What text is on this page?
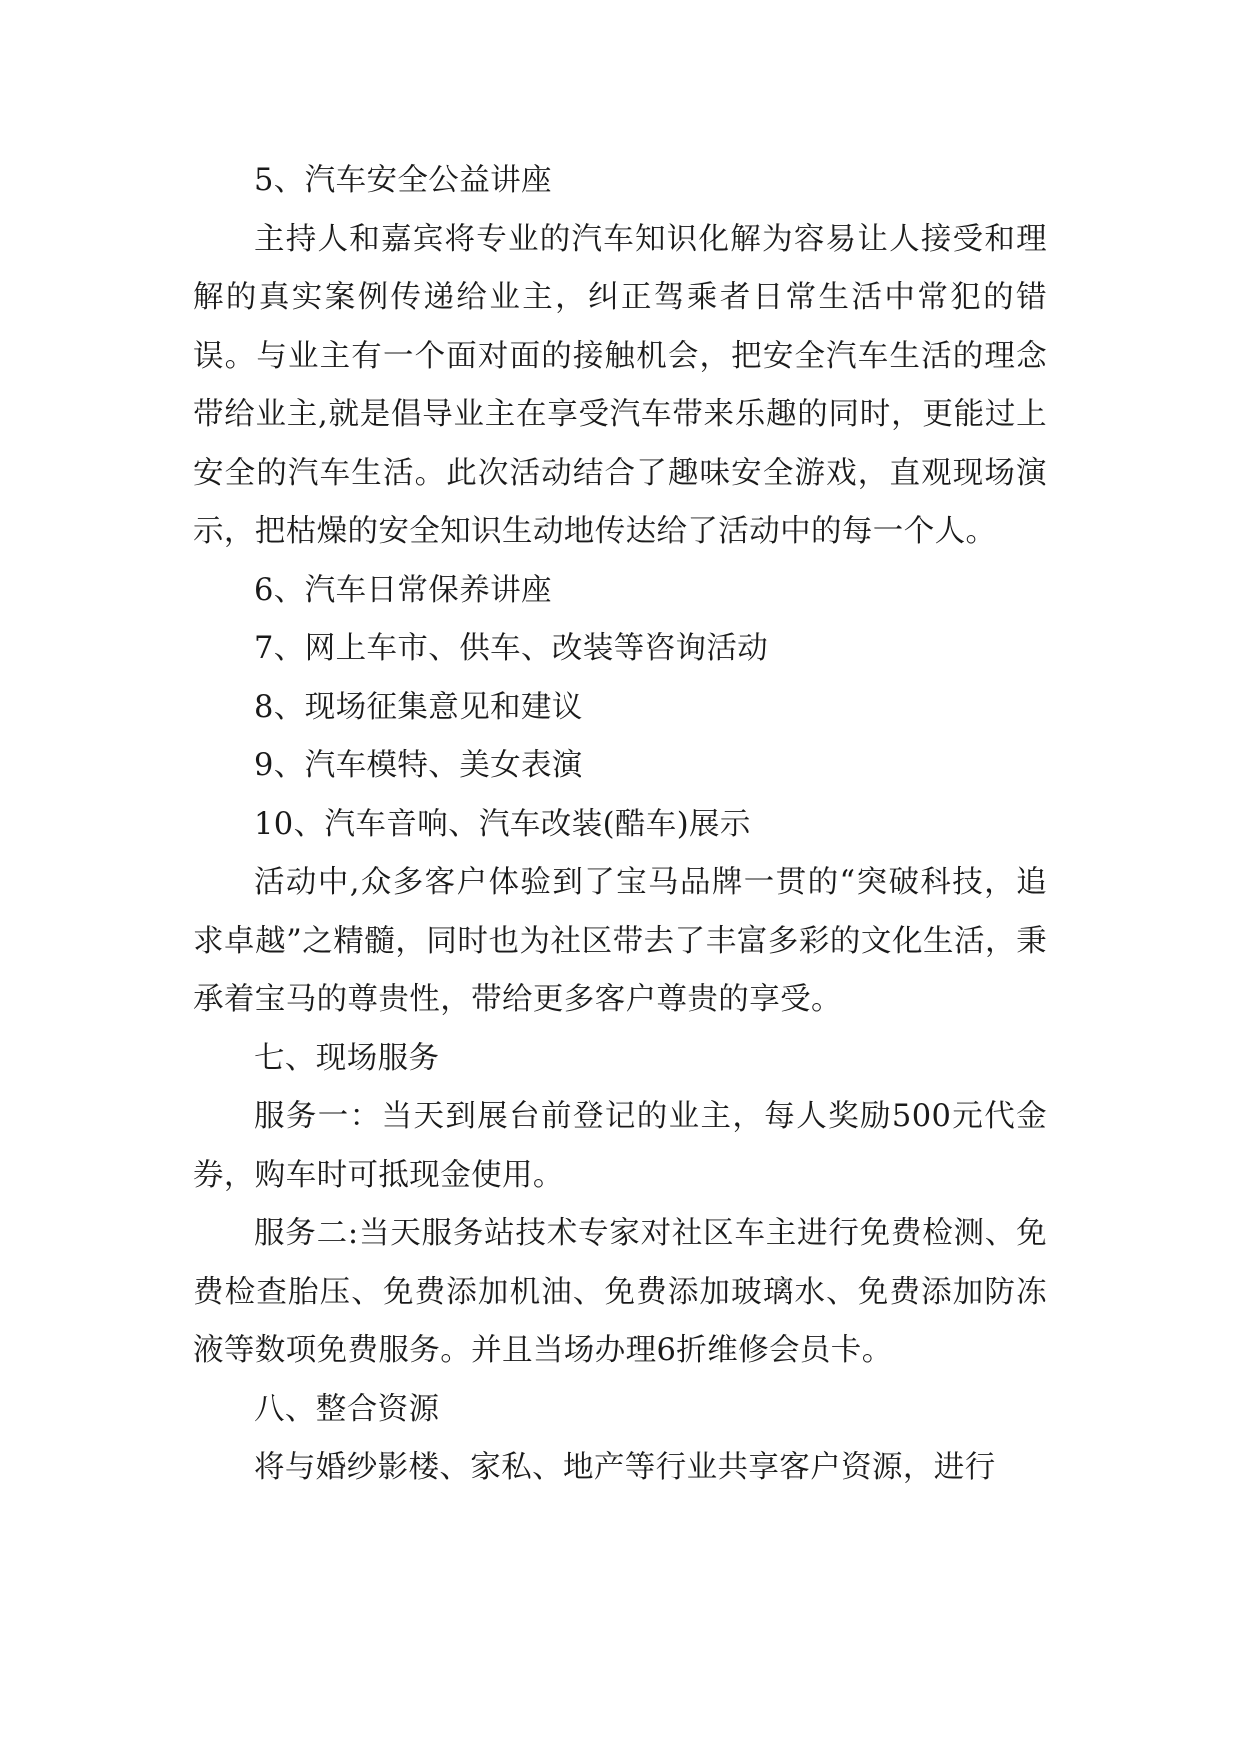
5、汽车安全公益讲座

主持人和嘉宾将专业的汽车知识化解为容易让人接受和理解的真实案例传递给业主，纠正驾乘者日常生活中常犯的错误。与业主有一个面对面的接触机会，把安全汽车生活的理念带给业主,就是倡导业主在享受汽车带来乐趣的同时，更能过上安全的汽车生活。此次活动结合了趣味安全游戏，直观现场演示，把枯燥的安全知识生动地传达给了活动中的每一个人。

6、汽车日常保养讲座

7、网上车市、供车、改装等咨询活动

8、现场征集意见和建议

9、汽车模特、美女表演

10、汽车音响、汽车改装(酷车)展示

活动中,众多客户体验到了宝马品牌一贯的“突破科技，追求卓越”之精髓，同时也为社区带去了丰富多彩的文化生活，秉承着宝马的尊贵性，带给更多客户尊贵的享受。

七、现场服务

服务一：当天到展台前登记的业主，每人奖励500元代金券，购车时可抵现金使用。

服务二:当天服务站技术专家对社区车主进行免费检测、免费检查胎压、免费添加机油、免费添加玻璃水、免费添加防冻液等数项免费服务。并且当场办理6折维修会员卡。

八、整合资源

将与婚纱影楼、家私、地产等行业共享客户资源，进行
